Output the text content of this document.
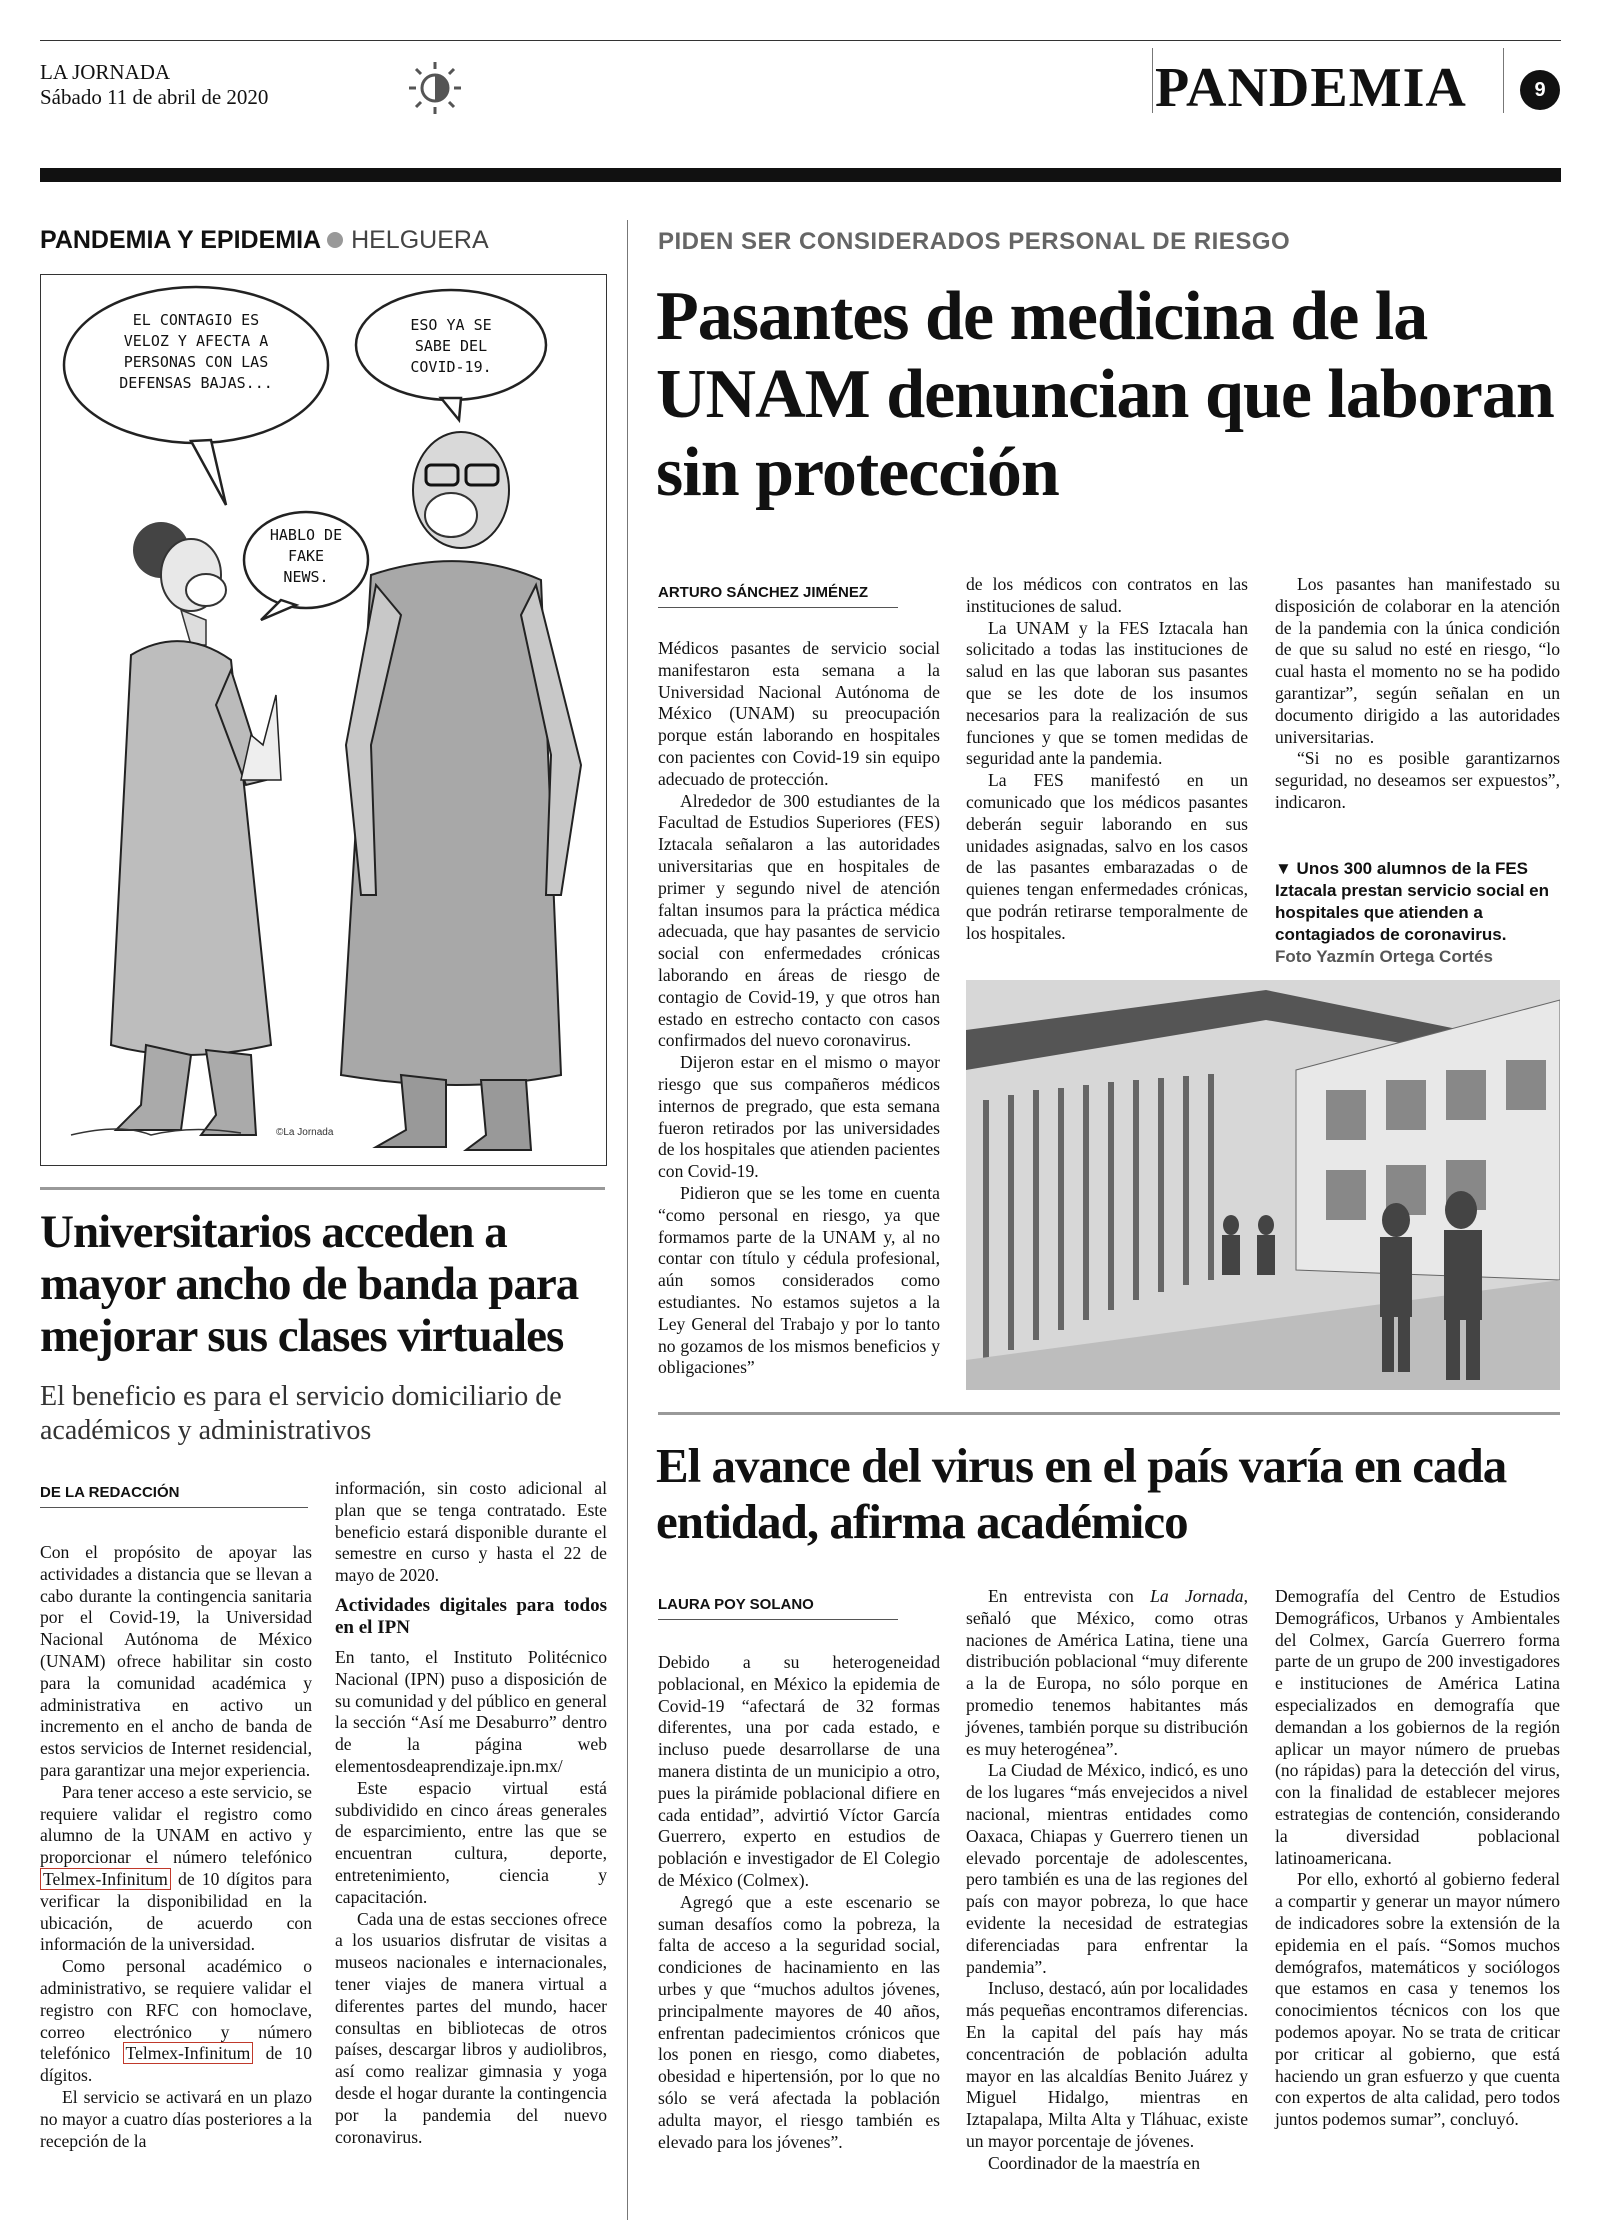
LA JORNADA
Sábado 11 de abril de 2020	PANDEMIA	9
PANDEMIA Y EPIDEMIA HELGUERA
EL CONTAGIO ES VELOZ Y AFECTA A PERSONAS CON LAS DEFENSAS BAJAS...
ESO YA SE SABE DEL COVID-19.
HABLO DE FAKE NEWS.
©La Jornada
PIDEN SER CONSIDERADOS PERSONAL DE RIESGO
Pasantes de medicina de la UNAM denuncian que laboran sin protección
ARTURO SÁNCHEZ JIMÉNEZ

Médicos pasantes de servicio social manifestaron esta semana a la Universidad Nacional Autónoma de México (UNAM) su preocupación porque están laborando en hospitales con pacientes con Covid-19 sin equipo adecuado de protección.

Alrededor de 300 estudiantes de la Facultad de Estudios Superiores (FES) Iztacala señalaron a las autoridades universitarias que en hospitales de primer y segundo nivel de atención faltan insumos para la práctica médica adecuada, que hay pasantes de servicio social con enfermedades crónicas laborando en áreas de riesgo de contagio de Covid-19, y que otros han estado en estrecho contacto con casos confirmados del nuevo coronavirus.

Dijeron estar en el mismo o mayor riesgo que sus compañeros médicos internos de pregrado, que esta semana fueron retirados por las universidades de los hospitales que atienden pacientes con Covid-19.

Pidieron que se les tome en cuenta “como personal en riesgo, ya que formamos parte de la UNAM y, al no contar con título y cédula profesional, aún somos considerados como estudiantes. No estamos sujetos a la Ley General del Trabajo y por lo tanto no gozamos de los mismos beneficios y obligaciones”

de los médicos con contratos en las instituciones de salud.

La UNAM y la FES Iztacala han solicitado a todas las instituciones de salud en las que laboran sus pasantes que se les dote de los insumos necesarios para la realización de sus funciones y que se tomen medidas de seguridad ante la pandemia.

La FES manifestó en un comunicado que los médicos pasantes deberán seguir laborando en sus unidades asignadas, salvo en los casos de las pasantes embarazadas o de quienes tengan enfermedades crónicas, que podrán retirarse temporalmente de los hospitales.

Los pasantes han manifestado su disposición de colaborar en la atención de la pandemia con la única condición de que su salud no esté en riesgo, “lo cual hasta el momento no se ha podido garantizar”, según señalan en un documento dirigido a las autoridades universitarias.

“Si no es posible garantizarnos seguridad, no deseamos ser expuestos”, indicaron.

▼ Unos 300 alumnos de la FES Iztacala prestan servicio social en hospitales que atienden a contagiados de coronavirus.
Foto Yazmín Ortega Cortés
Universitarios acceden a mayor ancho de banda para mejorar sus clases virtuales
El beneficio es para el servicio domiciliario de académicos y administrativos
DE LA REDACCIÓN

Con el propósito de apoyar las actividades a distancia que se llevan a cabo durante la contingencia sanitaria por el Covid-19, la Universidad Nacional Autónoma de México (UNAM) ofrece habilitar sin costo para la comunidad académica y administrativa en activo un incremento en el ancho de banda de estos servicios de Internet residencial, para garantizar una mejor experiencia.

Para tener acceso a este servicio, se requiere validar el registro como alumno de la UNAM en activo y proporcionar el número telefónico Telmex-Infinitum de 10 dígitos para verificar la disponibilidad en la ubicación, de acuerdo con información de la universidad.

Como personal académico o administrativo, se requiere validar el registro con RFC con homoclave, correo electrónico y número telefónico Telmex-Infinitum de 10 dígitos.

El servicio se activará en un plazo no mayor a cuatro días posteriores a la recepción de la

información, sin costo adicional al plan que se tenga contratado. Este beneficio estará disponible durante el semestre en curso y hasta el 22 de mayo de 2020.

Actividades digitales para todos en el IPN

En tanto, el Instituto Politécnico Nacional (IPN) puso a disposición de su comunidad y del público en general la sección “Así me Desaburro” dentro de la página web elementosdeaprendizaje.ipn.mx/

Este espacio virtual está subdividido en cinco áreas generales de esparcimiento, entre las que se encuentran cultura, deporte, entretenimiento, ciencia y capacitación.

Cada una de estas secciones ofrece a los usuarios disfrutar de visitas a museos nacionales e internacionales, tener viajes de manera virtual a diferentes partes del mundo, hacer consultas en bibliotecas de otros países, descargar libros y audiolibros, así como realizar gimnasia y yoga desde el hogar durante la contingencia por la pandemia del nuevo coronavirus.

El avance del virus en el país varía en cada entidad, afirma académico
LAURA POY SOLANO

Debido a su heterogeneidad poblacional, en México la epidemia de Covid-19 “afectará de 32 formas diferentes, una por cada estado, e incluso puede desarrollarse de una manera distinta de un municipio a otro, pues la pirámide poblacional difiere en cada entidad”, advirtió Víctor García Guerrero, experto en estudios de población e investigador de El Colegio de México (Colmex).

Agregó que a este escenario se suman desafíos como la pobreza, la falta de acceso a la seguridad social, condiciones de hacinamiento en las urbes y que “muchos adultos jóvenes, principalmente mayores de 40 años, enfrentan padecimientos crónicos que los ponen en riesgo, como diabetes, obesidad e hipertensión, por lo que no sólo se verá afectada la población adulta mayor, el riesgo también es elevado para los jóvenes”.

En entrevista con La Jornada, señaló que México, como otras naciones de América Latina, tiene una distribución poblacional “muy diferente a la de Europa, no sólo porque en promedio tenemos habitantes más jóvenes, también porque su distribución es muy heterogénea”.

La Ciudad de México, indicó, es uno de los lugares “más envejecidos a nivel nacional, mientras entidades como Oaxaca, Chiapas y Guerrero tienen un elevado porcentaje de adolescentes, pero también es una de las regiones del país con mayor pobreza, lo que hace evidente la necesidad de estrategias diferenciadas para enfrentar la pandemia”.

Incluso, destacó, aún por localidades más pequeñas encontramos diferencias. En la capital del país hay más concentración de población adulta mayor en las alcaldías Benito Juárez y Miguel Hidalgo, mientras en Iztapalapa, Milta Alta y Tláhuac, existe un mayor porcentaje de jóvenes.

Coordinador de la maestría en

Demografía del Centro de Estudios Demográficos, Urbanos y Ambientales del Colmex, García Guerrero forma parte de un grupo de 200 investigadores e instituciones de América Latina especializados en demografía que demandan a los gobiernos de la región aplicar un mayor número de pruebas (no rápidas) para la detección del virus, con la finalidad de establecer mejores estrategias de contención, considerando la diversidad poblacional latinoamericana.

Por ello, exhortó al gobierno federal a compartir y generar un mayor número de indicadores sobre la extensión de la epidemia en el país. “Somos muchos demógrafos, matemáticos y sociólogos que estamos en casa y tenemos los conocimientos técnicos con los que podemos apoyar. No se trata de criticar por criticar al gobierno, que está haciendo un gran esfuerzo y que cuenta con expertos de alta calidad, pero todos juntos podemos sumar”, concluyó.
